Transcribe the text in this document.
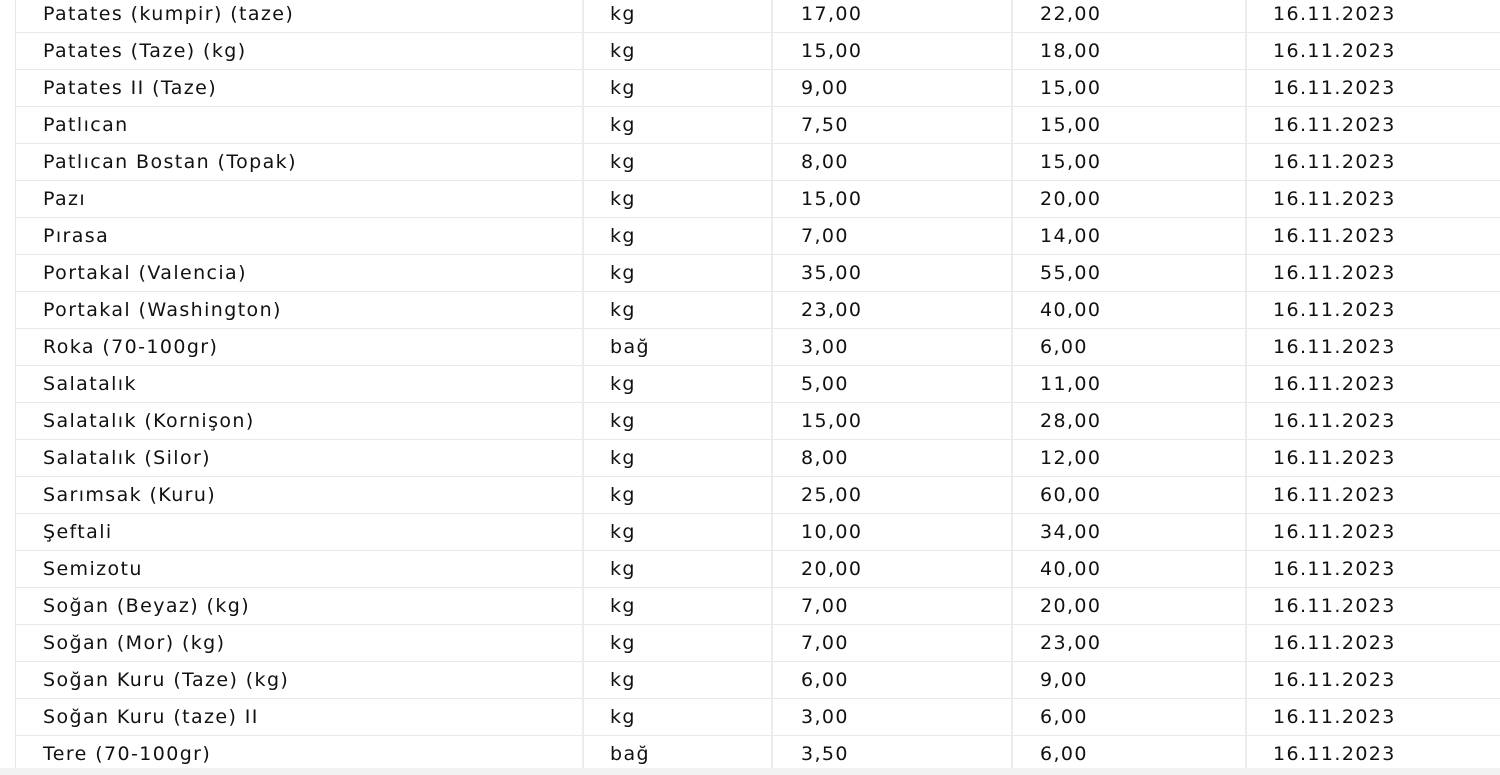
Patates (kumpir) (taze)	kg	17,00	22,00	16.11.2023
Patates (Taze) (kg)	kg	15,00	18,00	16.11.2023
Patates II (Taze)	kg	9,00	15,00	16.11.2023
Patlıcan	kg	7,50	15,00	16.11.2023
Patlıcan Bostan (Topak)	kg	8,00	15,00	16.11.2023
Pazı	kg	15,00	20,00	16.11.2023
Pırasa	kg	7,00	14,00	16.11.2023
Portakal (Valencia)	kg	35,00	55,00	16.11.2023
Portakal (Washington)	kg	23,00	40,00	16.11.2023
Roka (70-100gr)	bağ	3,00	6,00	16.11.2023
Salatalık	kg	5,00	11,00	16.11.2023
Salatalık (Kornişon)	kg	15,00	28,00	16.11.2023
Salatalık (Silor)	kg	8,00	12,00	16.11.2023
Sarımsak (Kuru)	kg	25,00	60,00	16.11.2023
Şeftali	kg	10,00	34,00	16.11.2023
Semizotu	kg	20,00	40,00	16.11.2023
Soğan (Beyaz) (kg)	kg	7,00	20,00	16.11.2023
Soğan (Mor) (kg)	kg	7,00	23,00	16.11.2023
Soğan Kuru (Taze) (kg)	kg	6,00	9,00	16.11.2023
Soğan Kuru (taze) II	kg	3,00	6,00	16.11.2023
Tere (70-100gr)	bağ	3,50	6,00	16.11.2023
